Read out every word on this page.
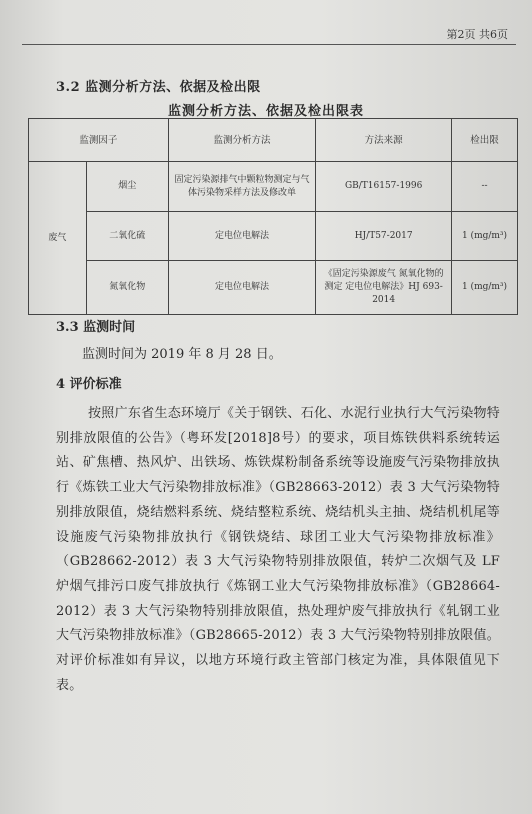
第2页 共6页
3.2 监测分析方法、依据及检出限
监测分析方法、依据及检出限表
监测因子		监测分析方法	方法来源	检出限
废气	烟尘	固定污染源排气中颗粒物测定与气体污染物采样方法及修改单	GB/T16157-1996	--
	二氧化硫	定电位电解法	HJ/T57-2017	1 (mg/m³)
	氮氧化物	定电位电解法	《固定污染源废气 氮氧化物的测定 定电位电解法》HJ 693-2014	1 (mg/m³)
3.3 监测时间
监测时间为 2019 年 8 月 28 日。
4 评价标准
按照广东省生态环境厅《关于钢铁、石化、水泥行业执行大气污染物特别排放限值的公告》（粤环发[2018]8号）的要求，项目炼铁供料系统转运站、矿焦槽、热风炉、出铁场、炼铁煤粉制备系统等设施废气污染物排放执行《炼铁工业大气污染物排放标准》（GB28663-2012）表 3 大气污染物特别排放限值，烧结燃料系统、烧结整粒系统、烧结机头主抽、烧结机机尾等设施废气污染物排放执行《钢铁烧结、球团工业大气污染物排放标准》（GB28662-2012）表 3 大气污染物特别排放限值，转炉二次烟气及 LF 炉烟气排污口废气排放执行《炼钢工业大气污染物排放标准》（GB28664-2012）表 3 大气污染物特别排放限值，热处理炉废气排放执行《轧钢工业大气污染物排放标准》（GB28665-2012）表 3 大气污染物特别排放限值。对评价标准如有异议，以地方环境行政主管部门核定为准，具体限值见下表。
